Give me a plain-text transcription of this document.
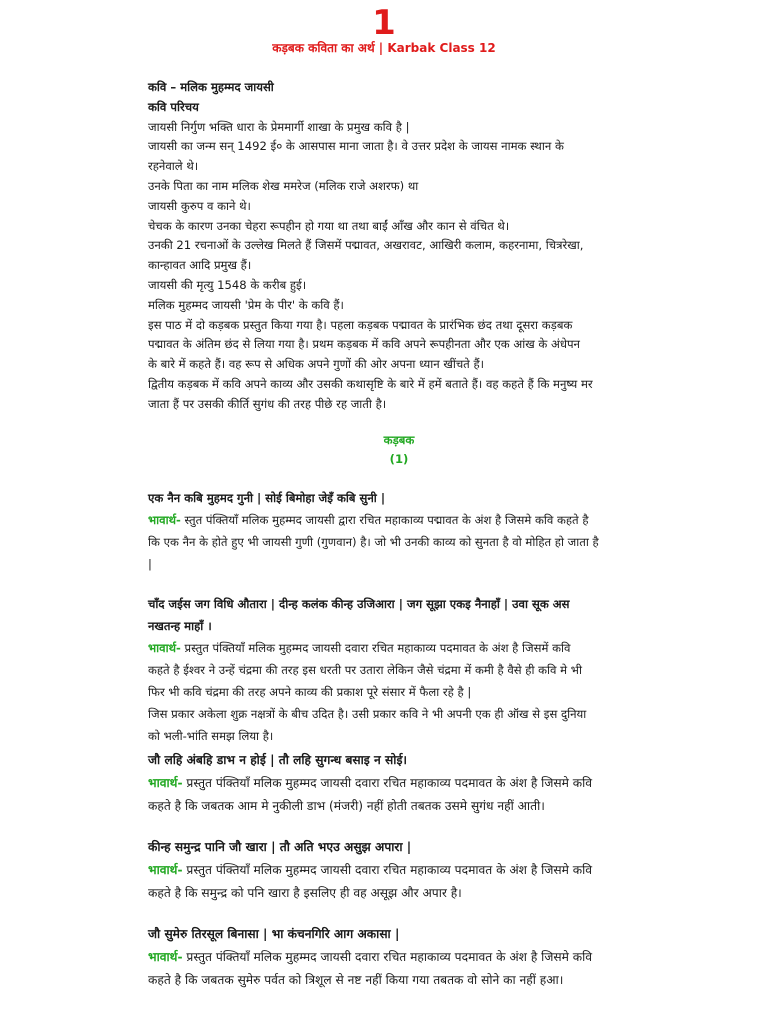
1
कड़बक कविता का अर्थ | Karbak Class 12
कवि – मलिक मुहम्मद जायसी
कवि परिचय
जायसी निर्गुण भक्ति धारा के प्रेममार्गी शाखा के प्रमुख कवि है |
जायसी का जन्म सन् 1492 ई० के आसपास माना जाता है। वे उत्तर प्रदेश के जायस नामक स्थान के
रहनेवाले थे।
उनके पिता का नाम मलिक शेख ममरेज (मलिक राजे अशरफ) था
जायसी कुरुप व काने थे।
चेचक के कारण उनका चेहरा रूपहीन हो गया था तथा बाईं आँख और कान से वंचित थे।
उनकी 21 रचनाओं के उल्लेख मिलते हैं जिसमें पद्मावत, अखरावट, आखिरी कलाम, कहरनामा, चित्ररेखा,
कान्हावत आदि प्रमुख हैं।
जायसी की मृत्यु 1548 के करीब हुई।
मलिक मुहम्मद जायसी 'प्रेम के पीर' के कवि हैं।
इस पाठ में दो कड़बक प्रस्तुत किया गया है। पहला कड़बक पद्मावत के प्रारंभिक छंद तथा दूसरा कड़बक
पद्मावत के अंतिम छंद से लिया गया है। प्रथम कड़बक में कवि अपने रूपहीनता और एक आंख के अंधेपन
के बारे में कहते हैं। वह रूप से अधिक अपने गुणों की ओर अपना ध्यान खींचते हैं।
द्वितीय कड़बक में कवि अपने काव्य और उसकी कथासृष्टि के बारे में हमें बताते हैं। वह कहते हैं कि मनुष्य मर
जाता हैं पर उसकी कीर्ति सुगंध की तरह पीछे रह जाती है।
कड़बक
(1)
एक नैन कबि मुहमद गुनी | सोई बिमोहा जेइँ कबि सुनी |
भावार्थ- स्तुत पंक्तियाँ मलिक मुहम्मद जायसी द्वारा रचित महाकाव्य पद्मावत के अंश है जिसमे कवि कहते है
कि एक नैन के होते हुए भी जायसी गुणी (गुणवान) है। जो भी उनकी काव्य को सुनता है वो मोहित हो जाता है
|
चाँद जईस जग विधि औतारा | दीन्ह कलंक कीन्ह उजिआरा | जग सूझा एकइ नैनाहाँ | उवा सूक अस
नखतन्ह माहाँ ।
भावार्थ- प्रस्तुत पंक्तियाँ मलिक मुहम्मद जायसी दवारा रचित महाकाव्य पदमावत के अंश है जिसमें कवि
कहते है ईश्वर ने उन्हें चंद्रमा की तरह इस धरती पर उतारा लेकिन जैसे चंद्रमा में कमी है वैसे ही कवि मे भी
फिर भी कवि चंद्रमा की तरह अपने काव्य की प्रकाश पूरे संसार में फैला रहे है |
जिस प्रकार अकेला शुक्र नक्षत्रों के बीच उदित है। उसी प्रकार कवि ने भी अपनी एक ही ऑख से इस दुनिया
को भली-भांति समझ लिया है।
जौ लहि अंबहि डाभ न होई | तौ लहि सुगन्ध बसाइ न सोई।
भावार्थ- प्रस्तुत पंक्तियाँ मलिक मुहम्मद जायसी दवारा रचित महाकाव्य पदमावत के अंश है जिसमे कवि
कहते है कि जबतक आम मे नुकीली डाभ (मंजरी) नहीं होती तबतक उसमे सुगंध नहीं आती।
कीन्ह समुन्द्र पानि जौ खारा | तौ अति भएउ असुझ अपारा |
भावार्थ- प्रस्तुत पंक्तियाँ मलिक मुहम्मद जायसी दवारा रचित महाकाव्य पदमावत के अंश है जिसमे कवि
कहते है कि समुन्द्र को पनि खारा है इसलिए ही वह असूझ और अपार है।
जौ सुमेरु तिरसूल बिनासा | भा कंचनगिरि आग अकासा |
भावार्थ- प्रस्तुत पंक्तियाँ मलिक मुहम्मद जायसी दवारा रचित महाकाव्य पदमावत के अंश है जिसमे कवि
कहते है कि जबतक सुमेरु पर्वत को त्रिशूल से नष्ट नहीं किया गया तबतक वो सोने का नहीं हआ।
